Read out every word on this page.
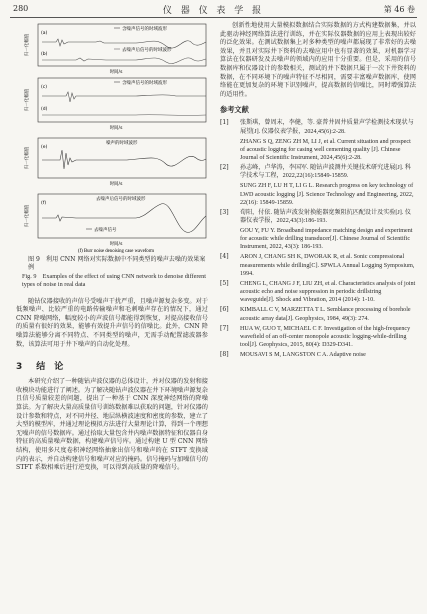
280	仪 器 仪 表 学 报	第 46 卷
含噪声信号的时域波形
(a)
去噪声后信号的时域波形
(b)
归一化幅值
时间/s
含噪声信号的时域波形
(c)
(d)
归一化幅值
时间/s
噪声的时域波形
(e)
归一化幅值
时间/s
去噪声后信号的时域波形
(f)
去噪声信号
归一化幅值
时间/s
(f) Burr noise denoising case waveform
图 9　利用 CNN 网络对实际数据中不同类型的噪声去噪的效果案例
Fig. 9　Examples of the effect of using CNN network to denoise different types of noise in real data

随钻仪器接收的声信号受噪声干扰严重，且噪声源复杂多变。对于低频噪声、比较严重的电路传输噪声和毛刺噪声存在的情况下，通过 CNN 降噪网络，幅度较小的声波信号都能得到恢复，对提高接收信号的质量有很好的效果，能够有效提升声信号的信噪比。此外，CNN 降噪算法能够分离不同特点、不同类型的噪声，无需手动配置滤波器参数，该算法可用于井下噪声的自动化处理。

3 结　论

本研究介绍了一种随钻声波仪器的总体设计，并对仪器的发射和接收模块功能进行了阐述。为了解决随钻声波仪器在井下环境噪声源复杂且信号质量较差的问题，提出了一种基于 CNN 深度神经网络的降噪算法。为了解决大量高质量信号训练数据难以获取的问题，针对仪器的设计参数和特点，对不同井径、地层纵横波速度和密度的参数，建立了大型的模型库，并通过理论模拟方法进行大量理论计算，得到一个理想无噪声的信号数据库。通过拾取大量包含井内噪声数据特征和仪器自身特征的高质量噪声数据，构建噪声信号库。通过构建 U 型 CNN 网络结构，使用多尺度卷积神经网络抽象出信号和噪声的在 STFT 变换域内的表示，并自动构建信号和噪声对应的掩码。信号掩码与加噪信号的 STFT 系数相乘后进行逆变换，可以得到高质量的降噪信号。

创新性地使用大量模拟数据结合实际数据的方式构建数据集，并以此驱动神经网络算法进行训练，并在实际仪器数据的应用上表现出较好的泛化效果。在测试数据集上对多种类型的噪声都展现了非常好的去噪效果，并且对实际井下资料的去噪应用中也有显著的效果，对机器学习算法在仪器研发及去噪声的领域内的应用十分重要。但是，采用的信号数据库和仪器设计的参数相关，测试的并下数据只属于一次下井资料的数据，在不同环境下的噪声特征不尽相同，需要丰富噪声数据库，使网络能在更加复杂的环境下识别噪声，提高数据的信噪比，同时增强算法的适用性。

参考文献
[1]	张斯琪，曾周末，李健，等. 豪普井固井质量声学检测技术现状与展望[J]. 仪器仪表学报，2024,45(6):2-28.
ZHANG S Q, ZENG ZH M, LI J, et al. Current situation and prospect of acoustic logging for casing well cementing quality [J]. Chinese Journal of Scientific Instrument, 2024,45(6):2-28.
[2]	孙志峰，卢华涛，李国军. 随钻声波测井关键技术研究进展[J]. 科学技术与工程，2022,22(16):15849-15859.
SUNG ZH F, LU H T, LI G L. Research progress on key technology of LWD acoustic logging [J]. Science Technology and Engineering, 2022, 22(16): 15849-15859.
[3]	荀阳，付依. 随钻声波发射换能器宽频阻抗匹配设计及实验[J]. 仪器仪表学报，2022,43(3):186-193.
GOU Y, FU Y. Broadband impedance matching design and experiment for acoustic while drilling transducer[J]. Chinese Journal of Scientific Instrument, 2022, 43(3): 186-193.
[4]	ARON J, CHANG SH K, DWORAK R, et al. Sonic compressional measurements while drilling[C]. SPWLA Annual Logging Symposium, 1994.
[5]	CHENG L, CHANG J F, LIU ZH, et al. Characteristics analysis of joint acoustic echo and noise suppression in periodic drillstring waveguide[J]. Shock and Vibration, 2014 (2014): 1-10.
[6]	KIMBALL C V, MARZETTA T L. Semblance processing of borehole acoustic array data[J]. Geophysics, 1984, 49(3): 274.
[7]	HUA W, GUO T, MICHAEL C F. Investigation of the high-frequency wavefield of an off-center monopole acoustic logging-while-drilling tool[J]. Geophysics, 2015, 80(4): D329-D341.
[8]	MOUSAVI S M, LANGSTON C A. Adaptive noise
